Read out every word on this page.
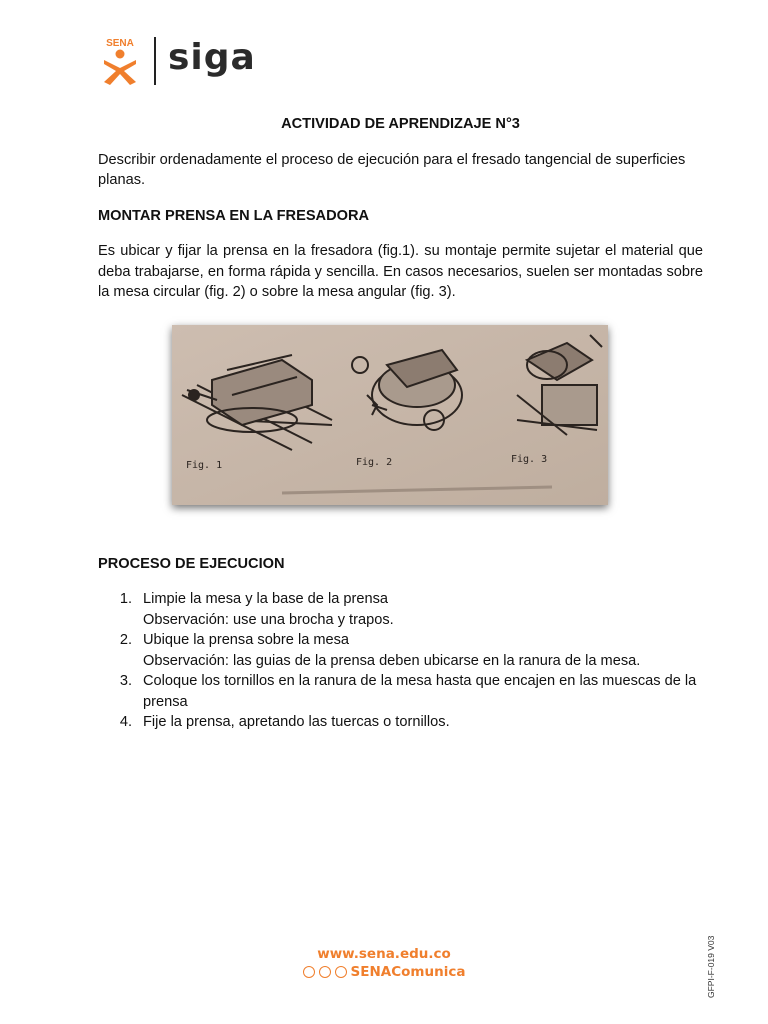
SENA siga
ACTIVIDAD DE APRENDIZAJE N°3

Describir ordenadamente el proceso de ejecución para el fresado tangencial de superficies planas.

MONTAR PRENSA EN LA FRESADORA

Es ubicar y fijar la prensa en la fresadora (fig.1). su montaje permite sujetar el material que deba trabajarse, en forma rápida y sencilla. En casos necesarios, suelen ser montadas sobre la mesa circular (fig. 2) o sobre la mesa angular (fig. 3).

Fig. 1	Fig. 2	Fig. 3
PROCESO DE EJECUCION
1. Limpie la mesa y la base de la prensa
Observación: use una brocha y trapos.
2. Ubique la prensa sobre la mesa
Observación: las guias de la prensa deben ubicarse en la ranura de la mesa.
3. Coloque los tornillos en la ranura de la mesa hasta que encajen en las muescas de la prensa
4. Fije la prensa, apretando las tuercas o tornillos.
www.sena.edu.co
SENAComunica	GFPI-F-019 V03
